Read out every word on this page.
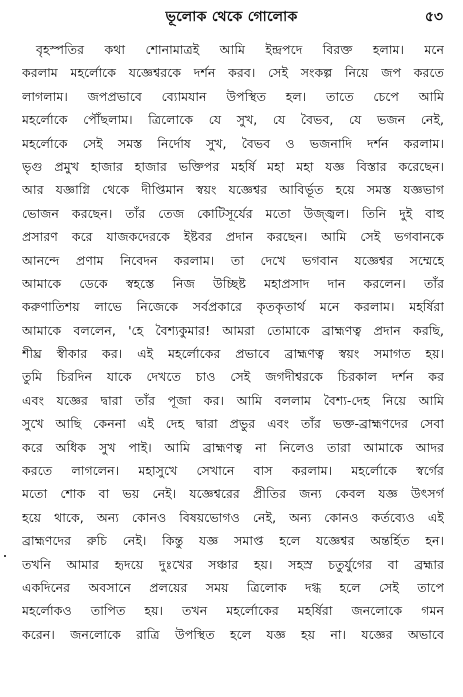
ভূলোক থেকে গোলোক	৫৩
বৃহস্পতির কথা শোনামাত্রই আমি ইন্দ্রপদে বিরক্ত হলাম। মনে
করলাম মহর্লোকে যজ্ঞেশ্বরকে দর্শন করব। সেই সংকল্প নিয়ে জপ করতে
লাগলাম। জপপ্রভাবে ব্যোমযান উপস্থিত হল। তাতে চেপে আমি
মহর্লোকে পৌঁছলাম। ত্রিলোকে যে সুখ, যে বৈভব, যে ভজন নেই,
মহর্লোকে সেই সমস্ত নির্দোষ সুখ, বৈভব ও ভজনাদি দর্শন করলাম।
ভৃগু প্রমুখ হাজার হাজার ভক্তিপর মহর্ষি মহা মহা যজ্ঞ বিস্তার করেছেন।
আর যজ্ঞাগ্নি থেকে দীপ্তিমান স্বয়ং যজ্ঞেশ্বর আবির্ভূত হয়ে সমস্ত যজ্ঞভাগ
ভোজন করছেন। তাঁর তেজ কোটিসূর্যের মতো উজ্জ্বল। তিনি দুই বাহু
প্রসারণ করে যাজকদেরকে ইষ্টবর প্রদান করছেন। আমি সেই ভগবানকে
আনন্দে প্রণাম নিবেদন করলাম। তা দেখে ভগবান যজ্ঞেশ্বর সম্মেহে
আমাকে ডেকে স্বহস্তে নিজ উচ্ছিষ্ট মহাপ্রসাদ দান করলেন। তাঁর
করুণাতিশয় লাভে নিজেকে সর্বপ্রকারে কৃতকৃতার্থ মনে করলাম। মহর্ষিরা
আমাকে বললেন, 'হে বৈশ্যকুমার! আমরা তোমাকে ব্রাহ্মণত্ব প্রদান করছি,
শীঘ্র স্বীকার কর। এই মহর্লোকের প্রভাবে ব্রাহ্মণত্ব স্বয়ং সমাগত হয়।
তুমি চিরদিন যাকে দেখতে চাও সেই জগদীশ্বরকে চিরকাল দর্শন কর
এবং যজ্ঞের দ্বারা তাঁর পূজা কর। আমি বললাম বৈশ্য-দেহ নিয়ে আমি
সুখে আছি কেননা এই দেহ দ্বারা প্রভুর এবং তাঁর ভক্ত-ব্রাহ্মণদের সেবা
করে অধিক সুখ পাই। আমি ব্রাহ্মণত্ব না নিলেও তারা আমাকে আদর
করতে লাগলেন। মহাসুখে সেখানে বাস করলাম। মহর্লোকে স্বর্গের
মতো শোক বা ভয় নেই। যজ্ঞেশ্বরের প্রীতির জন্য কেবল যজ্ঞ উৎসর্গ
হয়ে থাকে, অন্য কোনও বিষয়ভোগও নেই, অন্য কোনও কর্তব্যেও এই
ব্রাহ্মণদের রুচি নেই। কিন্তু যজ্ঞ সমাপ্ত হলে যজ্ঞেশ্বর অন্তর্হিত হন।
তখনি আমার হৃদয়ে দুঃখের সঞ্চার হয়। সহস্র চতুর্যুগের বা ব্রহ্মার
একদিনের অবসানে প্রলয়ের সময় ত্রিলোক দগ্ধ হলে সেই তাপে
মহর্লোকও তাপিত হয়। তখন মহর্লোকের মহর্ষিরা জনলোকে গমন
করেন। জনলোকে রাত্রি উপস্থিত হলে যজ্ঞ হয় না। যজ্ঞের অভাবে
